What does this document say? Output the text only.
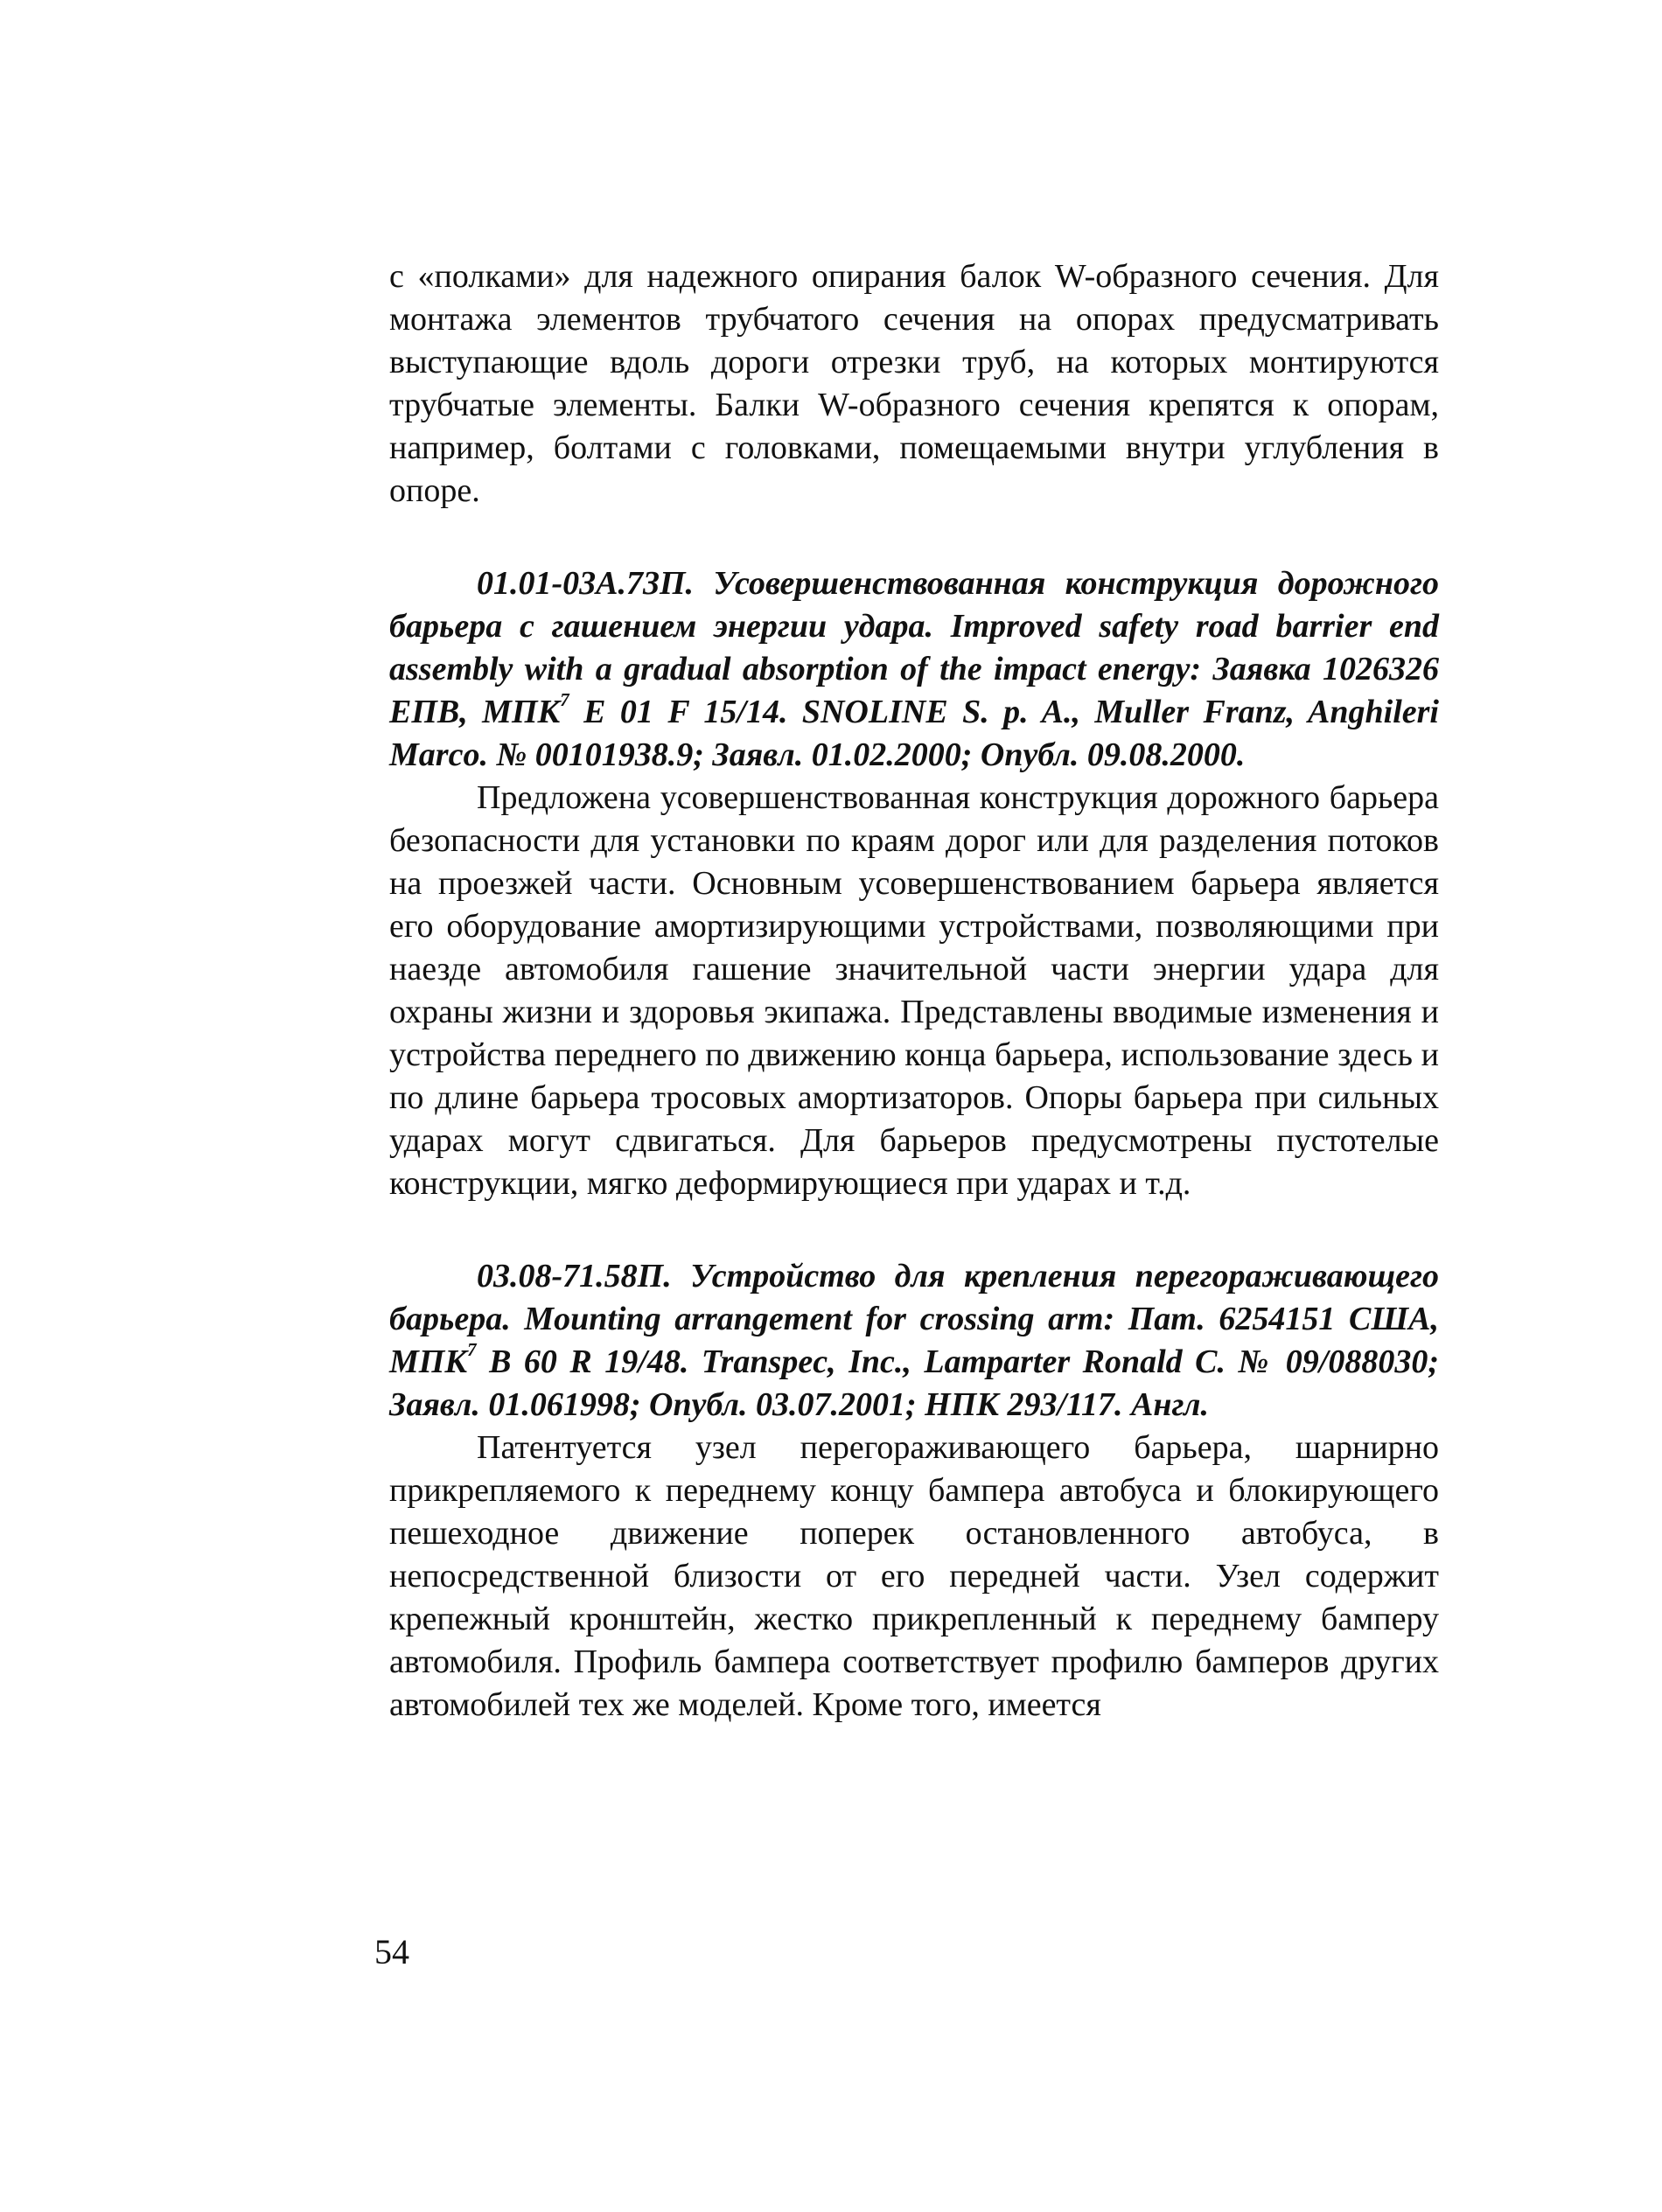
с «полками» для надежного опирания балок W-образного сечения. Для монтажа элементов трубчатого сечения на опорах предусматривать выступающие вдоль дороги отрезки труб, на которых монтируются трубчатые элементы. Балки W-образного сечения крепятся к опорам, например, болтами с головками, помещаемыми внутри углубления в опоре.

01.01-03А.73П. Усовершенствованная конструкция дорожного барьера с гашением энергии удара. Improved safety road barrier end assembly with a gradual absorption of the impact energy: Заявка 1026326 ЕПВ, МПК$^7$ E 01 F 15/14. SNOLINE S. p. A., Muller Franz, Anghileri Marco. № 00101938.9; Заявл. 01.02.2000; Опубл. 09.08.2000.

Предложена усовершенствованная конструкция дорожного барьера безопасности для установки по краям дорог или для разделения потоков на проезжей части. Основным усовершенствованием барьера является его оборудование амортизирующими устройствами, позволяющими при наезде автомобиля гашение значительной части энергии удара для охраны жизни и здоровья экипажа. Представлены вводимые изменения и устройства переднего по движению конца барьера, использование здесь и по длине барьера тросовых амортизаторов. Опоры барьера при сильных ударах могут сдвигаться. Для барьеров предусмотрены пустотелые конструкции, мягко деформирующиеся при ударах и т.д.

03.08-71.58П. Устройство для крепления перегораживающего барьера. Mounting arrangement for crossing arm: Пат. 6254151 США, МПК$^7$ B 60 R 19/48. Transpec, Inc., Lamparter Ronald C. № 09/088030; Заявл. 01.061998; Опубл. 03.07.2001; НПК 293/117. Англ.

Патентуется узел перегораживающего барьера, шарнирно прикрепляемого к переднему концу бампера автобуса и блокирующего пешеходное движение поперек остановленного автобуса, в непосредственной близости от его передней части. Узел содержит крепежный кронштейн, жестко прикрепленный к переднему бамперу автомобиля. Профиль бампера соответствует профилю бамперов других автомобилей тех же моделей. Кроме того, имеется

54
